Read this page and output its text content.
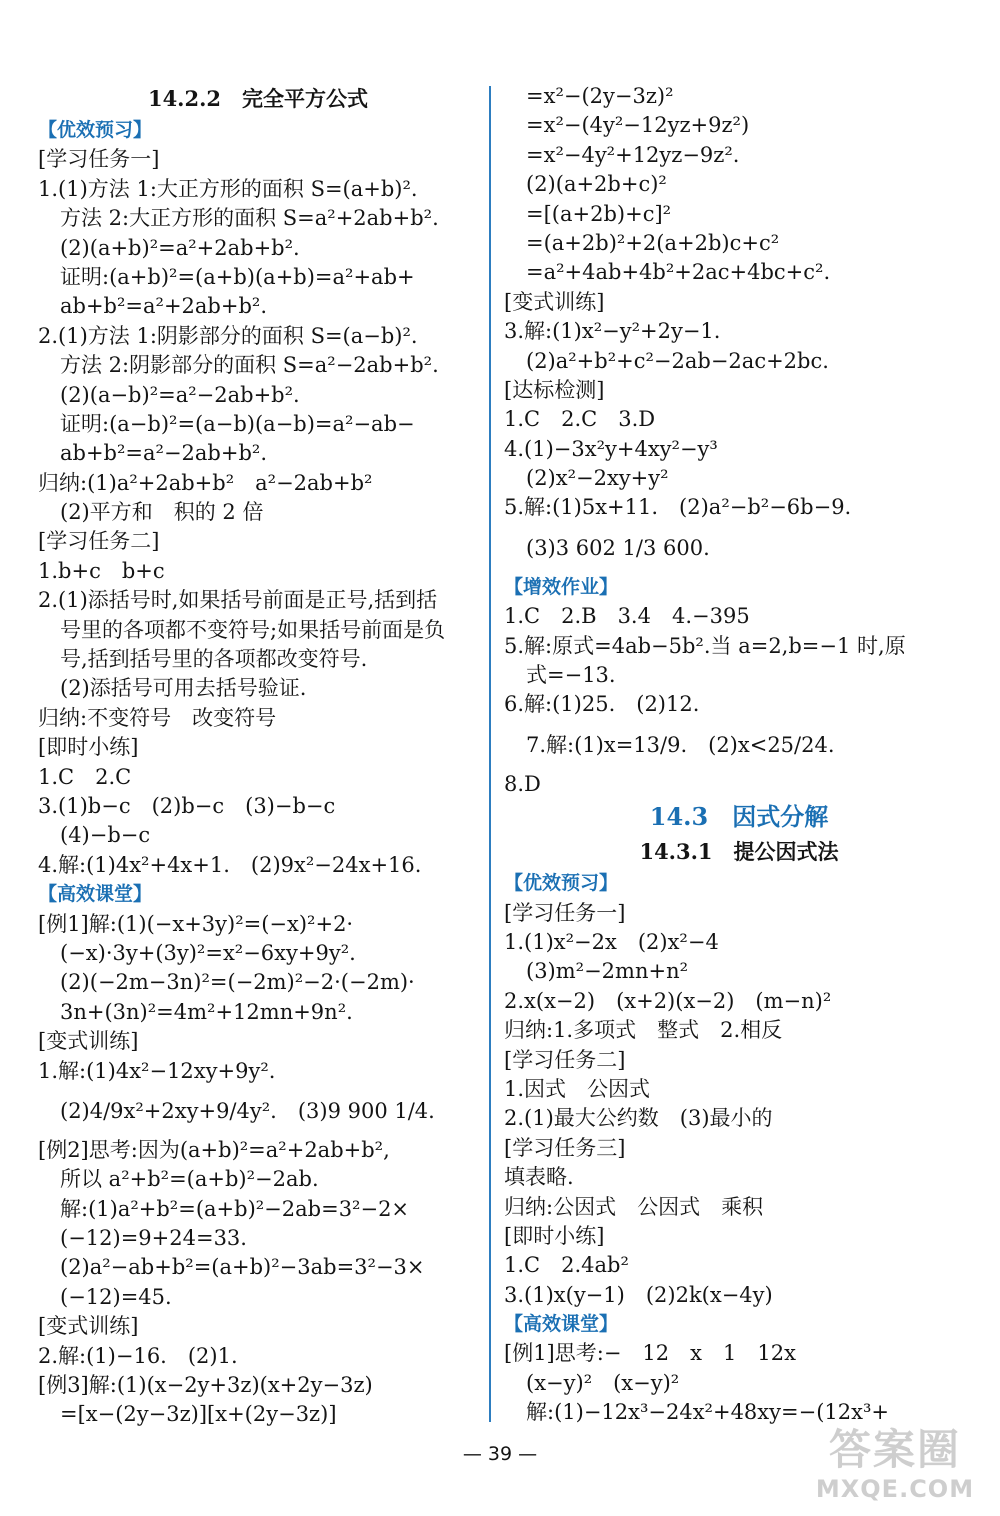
14.2.2　完全平方公式
【优效预习】
[学习任务一]
1.(1)方法 1:大正方形的面积 S=(a+b)².
方法 2:大正方形的面积 S=a²+2ab+b².
(2)(a+b)²=a²+2ab+b².
证明:(a+b)²=(a+b)(a+b)=a²+ab+
ab+b²=a²+2ab+b².
2.(1)方法 1:阴影部分的面积 S=(a−b)².
方法 2:阴影部分的面积 S=a²−2ab+b².
(2)(a−b)²=a²−2ab+b².
证明:(a−b)²=(a−b)(a−b)=a²−ab−
ab+b²=a²−2ab+b².
归纳:(1)a²+2ab+b²　a²−2ab+b²
(2)平方和　积的 2 倍
[学习任务二]
1.b+c　b+c
2.(1)添括号时,如果括号前面是正号,括到括
号里的各项都不变符号;如果括号前面是负
号,括到括号里的各项都改变符号.
(2)添括号可用去括号验证.
归纳:不变符号　改变符号
[即时小练]
1.C　2.C
3.(1)b−c　(2)b−c　(3)−b−c
(4)−b−c
4.解:(1)4x²+4x+1.　(2)9x²−24x+16.
【高效课堂】
[例1]解:(1)(−x+3y)²=(−x)²+2·
(−x)·3y+(3y)²=x²−6xy+9y².
(2)(−2m−3n)²=(−2m)²−2·(−2m)·
3n+(3n)²=4m²+12mn+9n².
[变式训练]
1.解:(1)4x²−12xy+9y².
(2)4/9x²+2xy+9/4y².　(3)9 900 1/4.
[例2]思考:因为(a+b)²=a²+2ab+b²,
所以 a²+b²=(a+b)²−2ab.
解:(1)a²+b²=(a+b)²−2ab=3²−2×
(−12)=9+24=33.
(2)a²−ab+b²=(a+b)²−3ab=3²−3×
(−12)=45.
[变式训练]
2.解:(1)−16.　(2)1.
[例3]解:(1)(x−2y+3z)(x+2y−3z)
=[x−(2y−3z)][x+(2y−3z)]
=x²−(2y−3z)²
=x²−(4y²−12yz+9z²)
=x²−4y²+12yz−9z².
(2)(a+2b+c)²
=[(a+2b)+c]²
=(a+2b)²+2(a+2b)c+c²
=a²+4ab+4b²+2ac+4bc+c².
[变式训练]
3.解:(1)x²−y²+2y−1.
(2)a²+b²+c²−2ab−2ac+2bc.
[达标检测]
1.C　2.C　3.D
4.(1)−3x²y+4xy²−y³
(2)x²−2xy+y²
5.解:(1)5x+11.　(2)a²−b²−6b−9.
(3)3 602 1/3 600.
【增效作业】
1.C　2.B　3.4　4.−395
5.解:原式=4ab−5b².当 a=2,b=−1 时,原
式=−13.
6.解:(1)25.　(2)12.
7.解:(1)x=13/9.　(2)x<25/24.
8.D
14.3　因式分解
14.3.1　提公因式法
【优效预习】
[学习任务一]
1.(1)x²−2x　(2)x²−4
(3)m²−2mn+n²
2.x(x−2)　(x+2)(x−2)　(m−n)²
归纳:1.多项式　整式　2.相反
[学习任务二]
1.因式　公因式
2.(1)最大公约数　(3)最小的
[学习任务三]
填表略.
归纳:公因式　公因式　乘积
[即时小练]
1.C　2.4ab²
3.(1)x(y−1)　(2)2k(x−4y)
【高效课堂】
[例1]思考:−　12　x　1　12x
(x−y)²　(x−y)²
解:(1)−12x³−24x²+48xy=−(12x³+
— 39 —	答案圈
MXQE.COM
